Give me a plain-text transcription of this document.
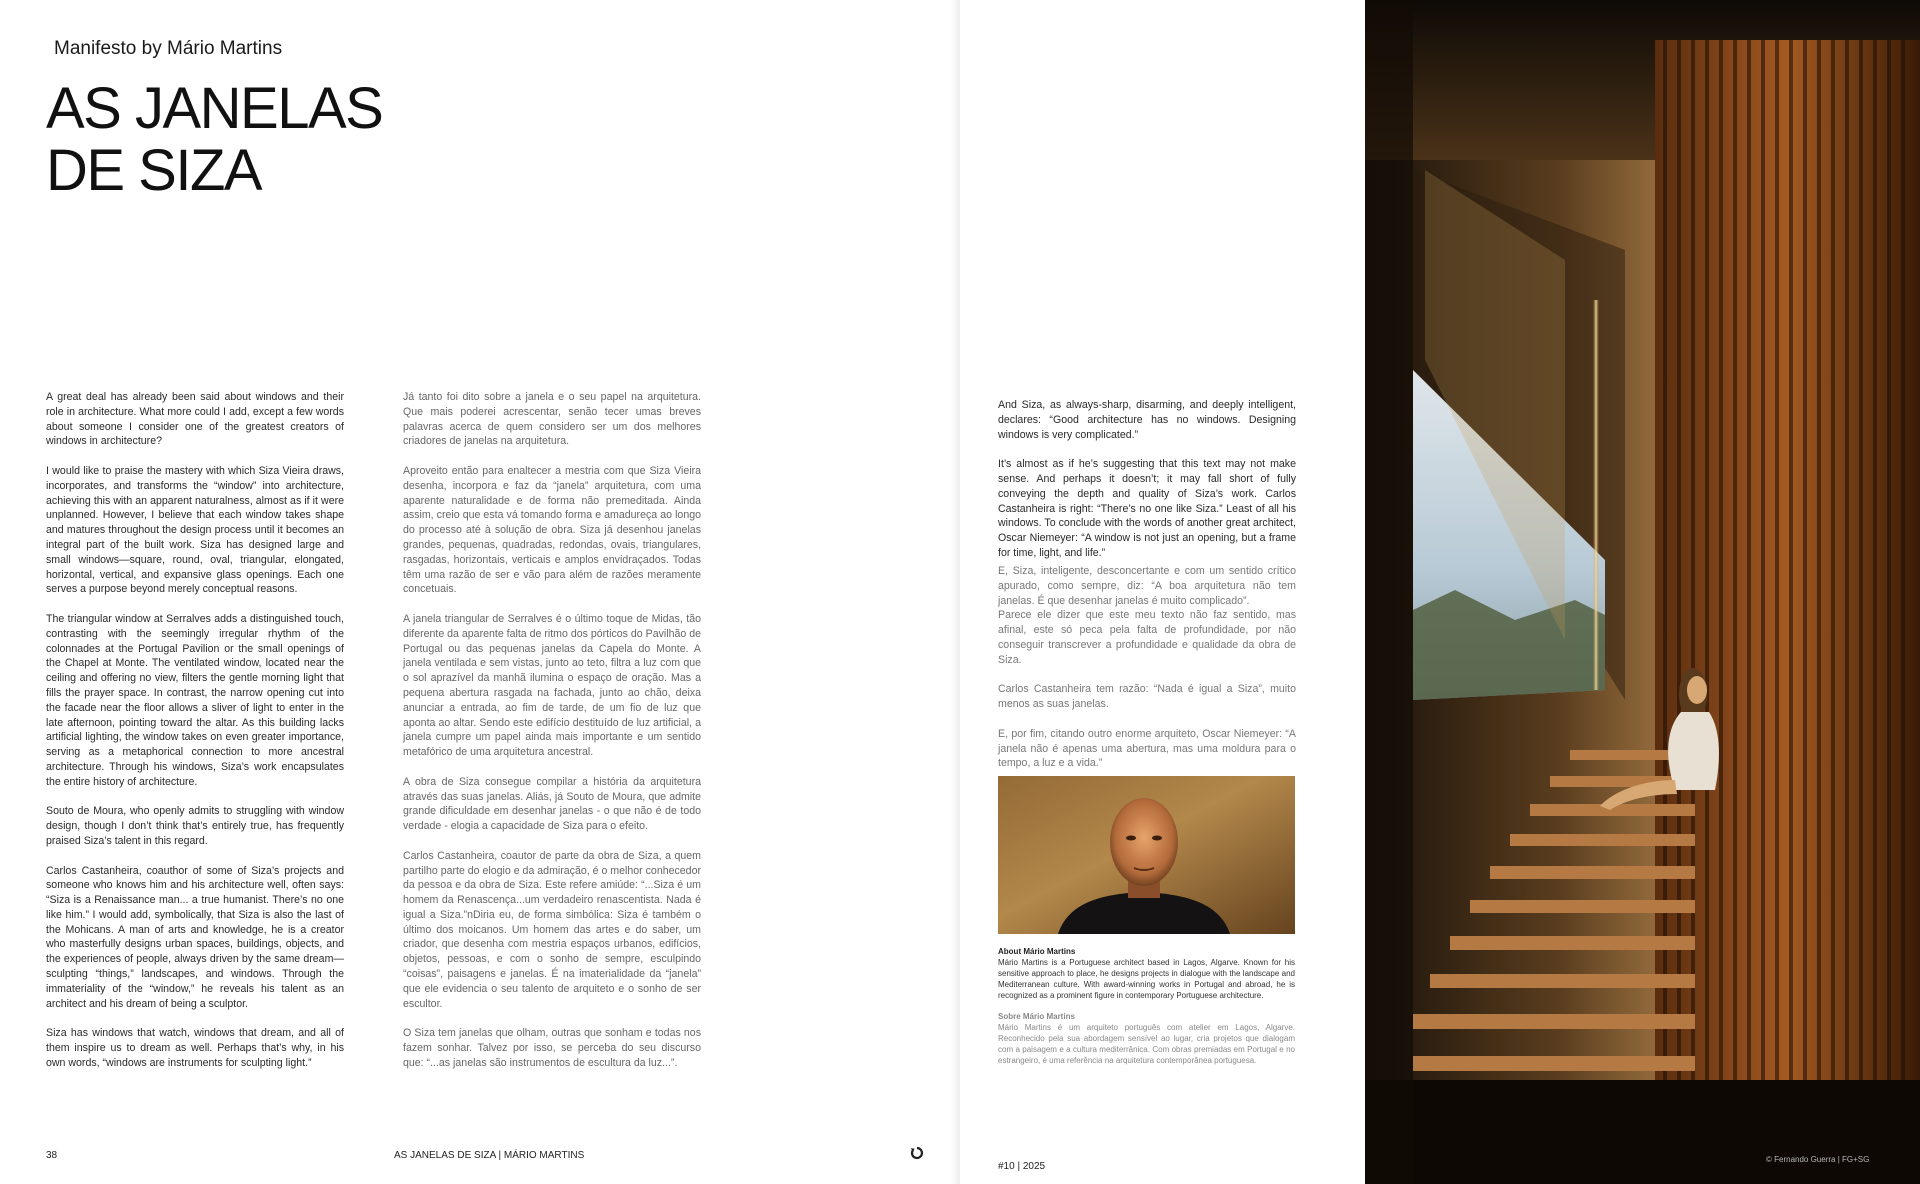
Manifesto by Mário Martins
AS JANELAS
DE SIZA

A great deal has already been said about windows and their role in architecture. What more could I add, except a few words about someone I consider one of the greatest creators of windows in architecture?

I would like to praise the mastery with which Siza Vieira draws, incorporates, and transforms the “window” into architecture, achieving this with an apparent naturalness, almost as if it were unplanned. However, I believe that each window takes shape and matures throughout the design process until it becomes an integral part of the built work. Siza has designed large and small windows—square, round, oval, triangular, elongated, horizontal, vertical, and expansive glass openings. Each one serves a purpose beyond merely conceptual reasons.

The triangular window at Serralves adds a distinguished touch, contrasting with the seemingly irregular rhythm of the colonnades at the Portugal Pavilion or the small openings of the Chapel at Monte. The ventilated window, located near the ceiling and offering no view, filters the gentle morning light that fills the prayer space. In contrast, the narrow opening cut into the facade near the floor allows a sliver of light to enter in the late afternoon, pointing toward the altar. As this building lacks artificial lighting, the window takes on even greater importance, serving as a metaphorical connection to more ancestral architecture. Through his windows, Siza’s work encapsulates the entire history of architecture.

Souto de Moura, who openly admits to struggling with window design, though I don’t think that’s entirely true, has frequently praised Siza’s talent in this regard.

Carlos Castanheira, coauthor of some of Siza’s projects and someone who knows him and his architecture well, often says: “Siza is a Renaissance man... a true humanist. There’s no one like him.” I would add, symbolically, that Siza is also the last of the Mohicans. A man of arts and knowledge, he is a creator who masterfully designs urban spaces, buildings, objects, and the experiences of people, always driven by the same dream—sculpting “things,” landscapes, and windows. Through the immateriality of the “window,” he reveals his talent as an architect and his dream of being a sculptor.

Siza has windows that watch, windows that dream, and all of them inspire us to dream as well. Perhaps that’s why, in his own words, “windows are instruments for sculpting light.”

Já tanto foi dito sobre a janela e o seu papel na arquitetura. Que mais poderei acrescentar, senão tecer umas breves palavras acerca de quem considero ser um dos melhores criadores de janelas na arquitetura.

Aproveito então para enaltecer a mestria com que Siza Vieira desenha, incorpora e faz da “janela” arquitetura, com uma aparente naturalidade e de forma não premeditada. Ainda assim, creio que esta vá tomando forma e amadureça ao longo do processo até à solução de obra. Siza já desenhou janelas grandes, pequenas, quadradas, redondas, ovais, triangulares, rasgadas, horizontais, verticais e amplos envidraçados. Todas têm uma razão de ser e vão para além de razões meramente concetuais.

A janela triangular de Serralves é o último toque de Midas, tão diferente da aparente falta de ritmo dos pórticos do Pavilhão de Portugal ou das pequenas janelas da Capela do Monte. A janela ventilada e sem vistas, junto ao teto, filtra a luz com que o sol aprazível da manhã ilumina o espaço de oração. Mas a pequena abertura rasgada na fachada, junto ao chão, deixa anunciar a entrada, ao fim de tarde, de um fio de luz que aponta ao altar. Sendo este edifício destituído de luz artificial, a janela cumpre um papel ainda mais importante e um sentido metafórico de uma arquitetura ancestral.

A obra de Siza consegue compilar a história da arquitetura através das suas janelas. Aliás, já Souto de Moura, que admite grande dificuldade em desenhar janelas - o que não é de todo verdade - elogia a capacidade de Siza para o efeito.

Carlos Castanheira, coautor de parte da obra de Siza, a quem partilho parte do elogio e da admiração, é o melhor conhecedor da pessoa e da obra de Siza. Este refere amiúde: “...Siza é um homem da Renascença...um verdadeiro renascentista. Nada é igual a Siza.”nDiria eu, de forma simbólica: Siza é também o último dos moicanos. Um homem das artes e do saber, um criador, que desenha com mestria espaços urbanos, edifícios, objetos, pessoas, e com o sonho de sempre, esculpindo “coisas”, paisagens e janelas. É na imaterialidade da “janela” que ele evidencia o seu talento de arquiteto e o sonho de ser escultor.

O Siza tem janelas que olham, outras que sonham e todas nos fazem sonhar. Talvez por isso, se perceba do seu discurso que: “...as janelas são instrumentos de escultura da luz...”.

38	AS JANELAS DE SIZA | MÁRIO MARTINS

And Siza, as always-sharp, disarming, and deeply intelligent, declares: “Good architecture has no windows. Designing windows is very complicated.”

It’s almost as if he’s suggesting that this text may not make sense. And perhaps it doesn’t; it may fall short of fully conveying the depth and quality of Siza’s work. Carlos Castanheira is right: “There’s no one like Siza.” Least of all his windows. To conclude with the words of another great architect, Oscar Niemeyer: “A window is not just an opening, but a frame for time, light, and life.”

E, Siza, inteligente, desconcertante e com um sentido crítico apurado, como sempre, diz: “A boa arquitetura não tem janelas. É que desenhar janelas é muito complicado”.
Parece ele dizer que este meu texto não faz sentido, mas afinal, este só peca pela falta de profundidade, por não conseguir transcrever a profundidade e qualidade da obra de Siza.

Carlos Castanheira tem razão: “Nada é igual a Siza”, muito menos as suas janelas.

E, por fim, citando outro enorme arquiteto, Oscar Niemeyer: “A janela não é apenas uma abertura, mas uma moldura para o tempo, a luz e a vida.”

About Mário Martins
Mário Martins is a Portuguese architect based in Lagos, Algarve. Known for his sensitive approach to place, he designs projects in dialogue with the landscape and Mediterranean culture. With award-winning works in Portugal and abroad, he is recognized as a prominent figure in contemporary Portuguese architecture.
Sobre Mário Martins
Mário Martins é um arquiteto português com atelier em Lagos, Algarve. Reconhecido pela sua abordagem sensível ao lugar, cria projetos que dialogam com a paisagem e a cultura mediterrânica. Com obras premiadas em Portugal e no estrangeiro, é uma referência na arquitetura contemporânea portuguesa.
#10 | 2025
© Fernando Guerra | FG+SG
